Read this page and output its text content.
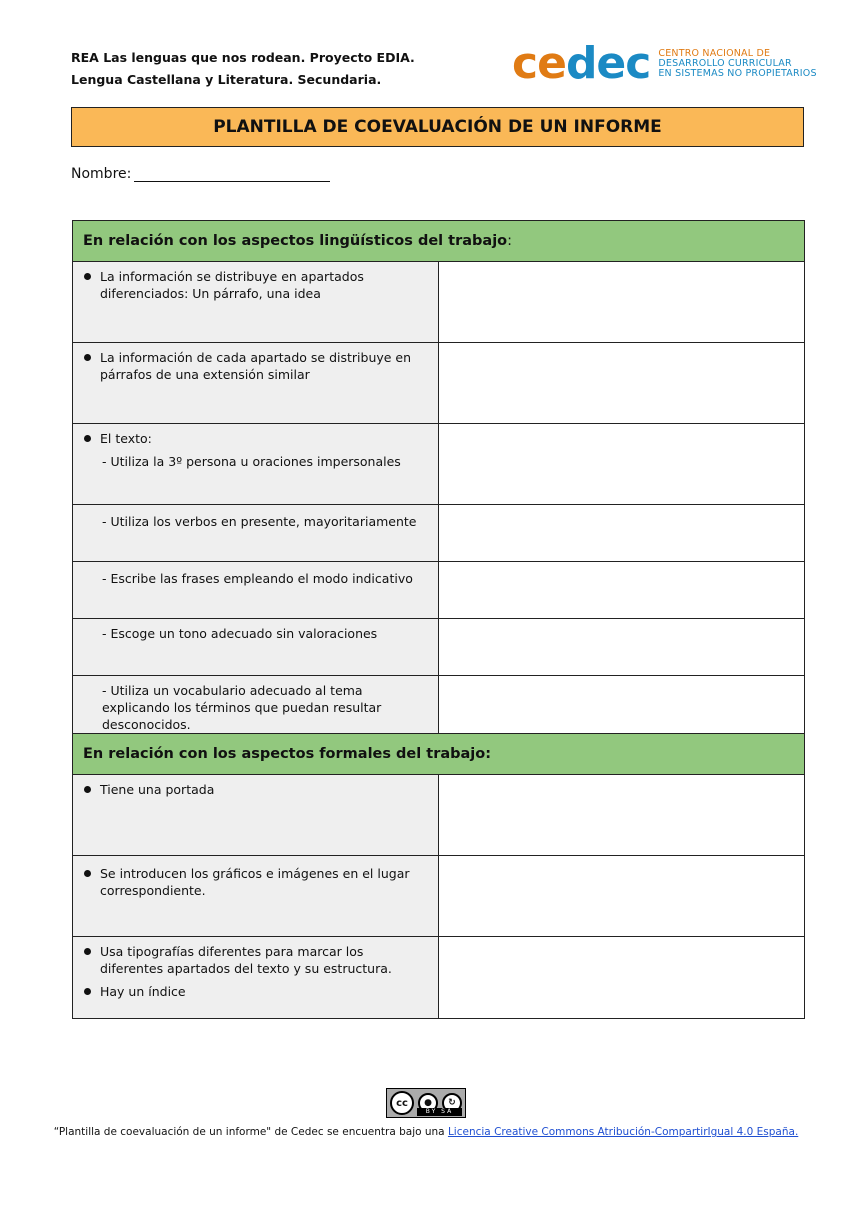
REA Las lenguas que nos rodean. Proyecto EDIA.
Lengua Castellana y Literatura. Secundaria.	cedec CENTRO NACIONAL DE
DESARROLLO CURRICULAR
EN SISTEMAS NO PROPIETARIOS
PLANTILLA DE COEVALUACIÓN DE UN INFORME
Nombre:
En relación con los aspectos lingüísticos del trabajo:	

La información se distribuye en apartados diferenciados: Un párrafo, una idea	

La información de cada apartado se distribuye en párrafos de una extensión similar	

El texto:
- Utiliza la 3º persona u oraciones impersonales	

- Utiliza los verbos en presente, mayoritariamente	

- Escribe las frases empleando el modo indicativo	

- Escoge un tono adecuado sin valoraciones	

- Utiliza un vocabulario adecuado al tema explicando los términos que puedan resultar desconocidos.	

En relación con los aspectos formales del trabajo:	

Tiene una portada	

Se introducen los gráficos e imágenes en el lugar correspondiente.	

Usa tipografías diferentes para marcar los diferentes apartados del texto y su estructura.
Hay un índice	

cc	●	↻
BY SA
“Plantilla de coevaluación de un informe" de Cedec se encuentra bajo una Licencia Creative Commons Atribución-CompartirIgual 4.0 España.
